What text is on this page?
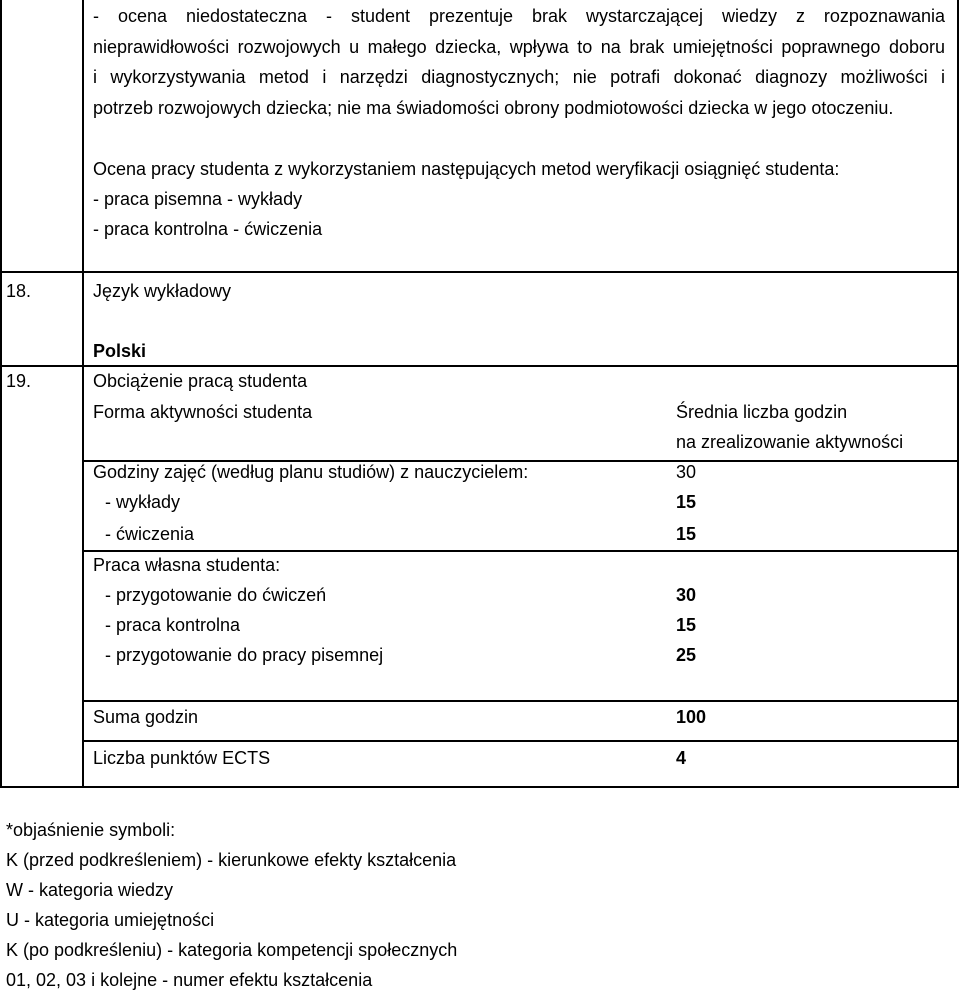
- ocena niedostateczna - student prezentuje brak wystarczającej wiedzy z rozpoznawania
nieprawidłowości rozwojowych u małego dziecka, wpływa to na brak umiejętności poprawnego doboru
i wykorzystywania metod i narzędzi diagnostycznych; nie potrafi dokonać diagnozy możliwości i
potrzeb rozwojowych dziecka; nie ma świadomości obrony podmiotowości dziecka w jego otoczeniu.
Ocena pracy studenta z wykorzystaniem następujących metod weryfikacji osiągnięć studenta:
- praca pisemna - wykłady
- praca kontrolna - ćwiczenia
18.	Język wykładowy
Polski
19.	Obciążenie pracą studenta
Forma aktywności studenta	Średnia liczba godzin
na zrealizowanie aktywności
Godziny zajęć (według planu studiów) z nauczycielem:	30
- wykłady	15
- ćwiczenia	15
Praca własna studenta:
- przygotowanie do ćwiczeń	30
- praca kontrolna	15
- przygotowanie do pracy pisemnej	25
Suma godzin	100
Liczba punktów ECTS	4
*objaśnienie symboli:
K (przed podkreśleniem) - kierunkowe efekty kształcenia
W - kategoria wiedzy
U - kategoria umiejętności
K (po podkreśleniu) - kategoria kompetencji społecznych
01, 02, 03 i kolejne - numer efektu kształcenia
